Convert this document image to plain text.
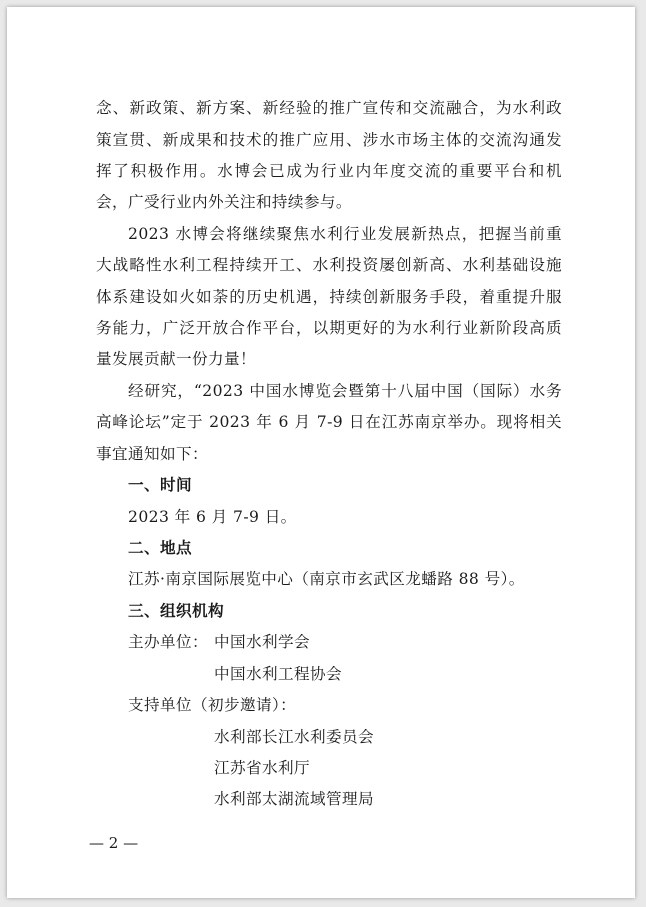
念、新政策、新方案、新经验的推广宣传和交流融合，为水利政
策宣贯、新成果和技术的推广应用、涉水市场主体的交流沟通发
挥了积极作用。水博会已成为行业内年度交流的重要平台和机
会，广受行业内外关注和持续参与。
2023 水博会将继续聚焦水利行业发展新热点，把握当前重
大战略性水利工程持续开工、水利投资屡创新高、水利基础设施
体系建设如火如荼的历史机遇，持续创新服务手段，着重提升服
务能力，广泛开放合作平台，以期更好的为水利行业新阶段高质
量发展贡献一份力量！
经研究，“2023 中国水博览会暨第十八届中国（国际）水务
高峰论坛”定于 2023 年 6 月 7-9 日在江苏南京举办。现将相关
事宜通知如下：
一、时间
2023 年 6 月 7-9 日。
二、地点
江苏·南京国际展览中心（南京市玄武区龙蟠路 88 号）。
三、组织机构
主办单位： 中国水利学会
中国水利工程协会
支持单位（初步邀请）：
水利部长江水利委员会
江苏省水利厅
水利部太湖流域管理局
— 2 —
